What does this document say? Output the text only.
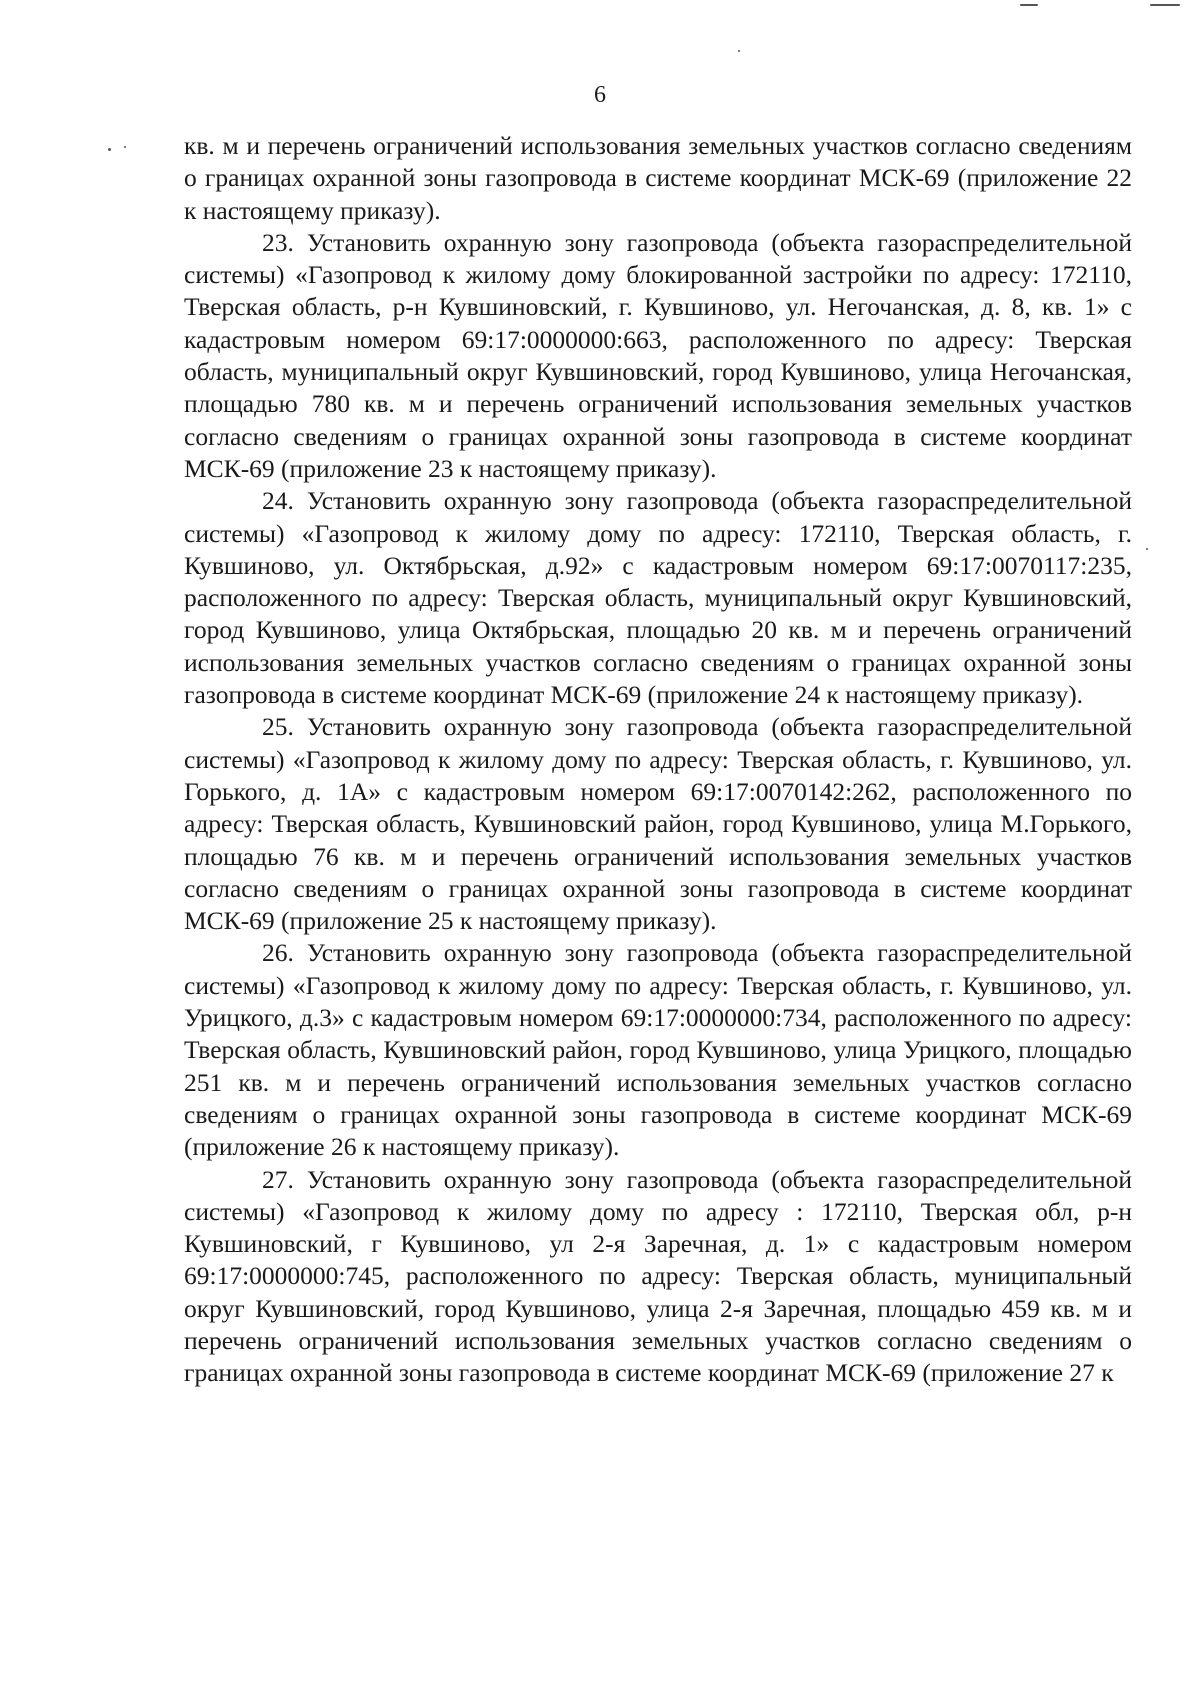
6

кв. м и перечень ограничений использования земельных участков согласно сведениям о границах охранной зоны газопровода в системе координат МСК-69 (приложение 22 к настоящему приказу).

23. Установить охранную зону газопровода (объекта газораспределительной системы) «Газопровод к жилому дому блокированной застройки по адресу: 172110, Тверская область, р-н Кувшиновский, г. Кувшиново, ул. Негочанская, д. 8, кв. 1» с кадастровым номером 69:17:0000000:663, расположенного по адресу: Тверская область, муниципальный округ Кувшиновский, город Кувшиново, улица Негочанская, площадью 780 кв. м и перечень ограничений использования земельных участков согласно сведениям о границах охранной зоны газопровода в системе координат МСК-69 (приложение 23 к настоящему приказу).

24. Установить охранную зону газопровода (объекта газораспределительной системы) «Газопровод к жилому дому по адресу: 172110, Тверская область, г. Кувшиново, ул. Октябрьская, д.92» с кадастровым номером 69:17:0070117:235, расположенного по адресу: Тверская область, муниципальный округ Кувшиновский, город Кувшиново, улица Октябрьская, площадью 20 кв. м и перечень ограничений использования земельных участков согласно сведениям о границах охранной зоны газопровода в системе координат МСК-69 (приложение 24 к настоящему приказу).

25. Установить охранную зону газопровода (объекта газораспределительной системы) «Газопровод к жилому дому по адресу: Тверская область, г. Кувшиново, ул. Горького, д. 1А» с кадастровым номером 69:17:0070142:262, расположенного по адресу: Тверская область, Кувшиновский район, город Кувшиново, улица М.Горького, площадью 76 кв. м и перечень ограничений использования земельных участков согласно сведениям о границах охранной зоны газопровода в системе координат МСК-69 (приложение 25 к настоящему приказу).

26. Установить охранную зону газопровода (объекта газораспределительной системы) «Газопровод к жилому дому по адресу: Тверская область, г. Кувшиново, ул. Урицкого, д.3» с кадастровым номером 69:17:0000000:734, расположенного по адресу: Тверская область, Кувшиновский район, город Кувшиново, улица Урицкого, площадью 251 кв. м и перечень ограничений использования земельных участков согласно сведениям о границах охранной зоны газопровода в системе координат МСК-69 (приложение 26 к настоящему приказу).

27. Установить охранную зону газопровода (объекта газораспределительной системы) «Газопровод к жилому дому по адресу : 172110, Тверская обл, р-н Кувшиновский, г Кувшиново, ул 2-я Заречная, д. 1» с кадастровым номером 69:17:0000000:745, расположенного по адресу: Тверская область, муниципальный округ Кувшиновский, город Кувшиново, улица 2-я Заречная, площадью 459 кв. м и перечень ограничений использования земельных участков согласно сведениям о границах охранной зоны газопровода в системе координат МСК-69 (приложение 27 к
